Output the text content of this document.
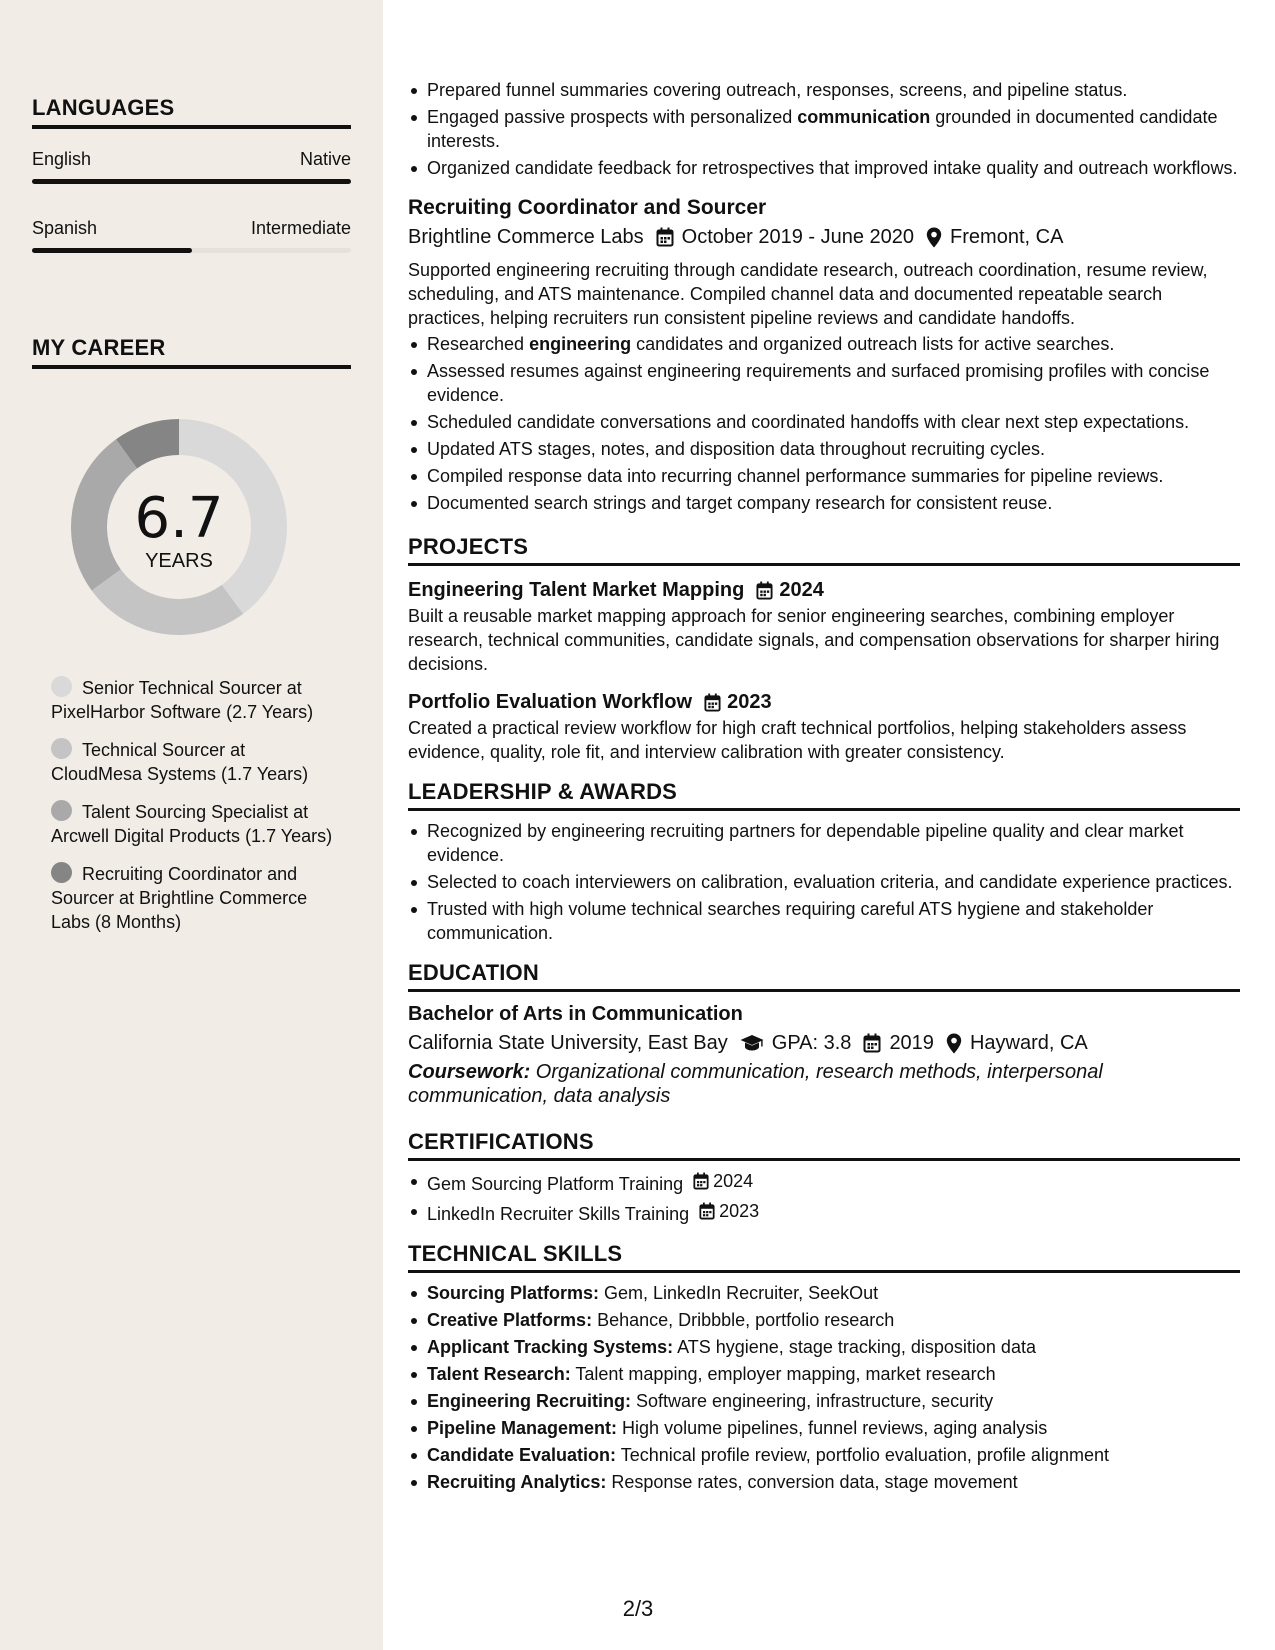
LANGUAGES
English	Native
Spanish	Intermediate
MY CAREER
6.7
YEARS
Senior Technical Sourcer at PixelHarbor Software (2.7 Years)
Technical Sourcer at CloudMesa Systems (1.7 Years)
Talent Sourcing Specialist at Arcwell Digital Products (1.7 Years)
Recruiting Coordinator and Sourcer at Brightline Commerce Labs (8 Months)
Prepared funnel summaries covering outreach, responses, screens, and pipeline status.
Engaged passive prospects with personalized communication grounded in documented candidate interests.
Organized candidate feedback for retrospectives that improved intake quality and outreach workflows.
Recruiting Coordinator and Sourcer
Brightline Commerce Labs October 2019 - June 2020 Fremont, CA
Supported engineering recruiting through candidate research, outreach coordination, resume review, scheduling, and ATS maintenance. Compiled channel data and documented repeatable search practices, helping recruiters run consistent pipeline reviews and candidate handoffs.
Researched engineering candidates and organized outreach lists for active searches.
Assessed resumes against engineering requirements and surfaced promising profiles with concise evidence.
Scheduled candidate conversations and coordinated handoffs with clear next step expectations.
Updated ATS stages, notes, and disposition data throughout recruiting cycles.
Compiled response data into recurring channel performance summaries for pipeline reviews.
Documented search strings and target company research for consistent reuse.
PROJECTS
Engineering Talent Market Mapping 2024
Built a reusable market mapping approach for senior engineering searches, combining employer research, technical communities, candidate signals, and compensation observations for sharper hiring decisions.
Portfolio Evaluation Workflow 2023
Created a practical review workflow for high craft technical portfolios, helping stakeholders assess evidence, quality, role fit, and interview calibration with greater consistency.
LEADERSHIP & AWARDS
Recognized by engineering recruiting partners for dependable pipeline quality and clear market evidence.
Selected to coach interviewers on calibration, evaluation criteria, and candidate experience practices.
Trusted with high volume technical searches requiring careful ATS hygiene and stakeholder communication.
EDUCATION
Bachelor of Arts in Communication
California State University, East Bay GPA: 3.8 2019 Hayward, CA
Coursework: Organizational communication, research methods, interpersonal communication, data analysis
CERTIFICATIONS
Gem Sourcing Platform Training 2024
LinkedIn Recruiter Skills Training 2023
TECHNICAL SKILLS
Sourcing Platforms: Gem, LinkedIn Recruiter, SeekOut
Creative Platforms: Behance, Dribbble, portfolio research
Applicant Tracking Systems: ATS hygiene, stage tracking, disposition data
Talent Research: Talent mapping, employer mapping, market research
Engineering Recruiting: Software engineering, infrastructure, security
Pipeline Management: High volume pipelines, funnel reviews, aging analysis
Candidate Evaluation: Technical profile review, portfolio evaluation, profile alignment
Recruiting Analytics: Response rates, conversion data, stage movement
2/3
